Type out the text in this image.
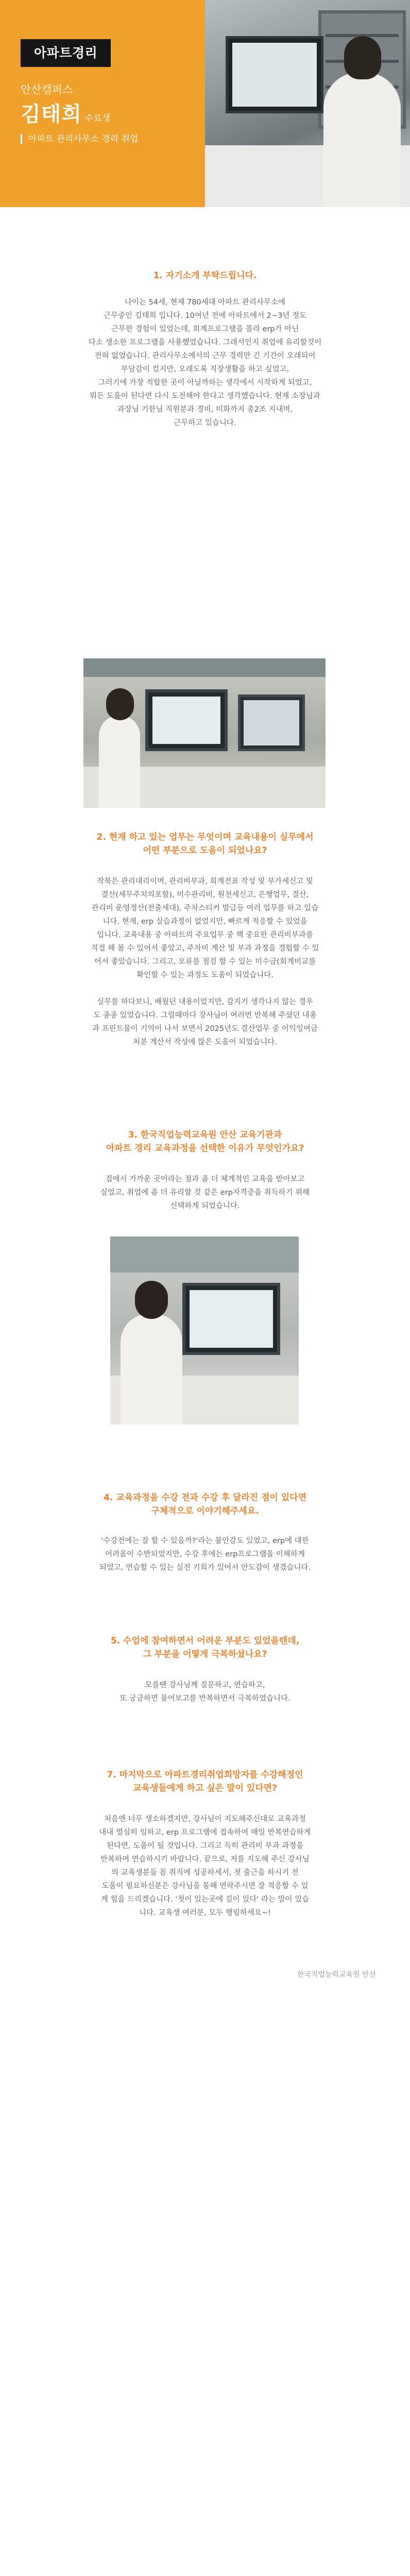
아파트경리
안산캠퍼스
김태희 수료생
아파트 관리사무소 경리 취업
1. 자기소개 부탁드립니다.
나이는 54세, 현재 780세대 아파트 관리사무소에
근무중인 김태희 입니다. 10여년 전에 아파트에서 2~3년 정도
근무한 경험이 있었는데, 회계프로그램을 몰라 erp가 아닌
다소 생소한 프로그램을 사용했었습니다. 그래서인지 취업에 유리할것이
전혀 없었습니다. 관리사무소에서의 근무 경력만 긴 기간이 오래되어
부담감이 컸지만, 오래도록 직장생활을 하고 싶었고,
그러기에 가장 적합한 곳이 아닐까하는 생각에서 시작하게 되었고,
뭐든 도움이 된다면 다시 도전해야 한다고 생각했습니다. 현재 소장님과
과장님 기한님 직원분과 경비, 미화까지 총2조 지내며,
근무하고 있습니다.
2. 현재 하고 있는 업무는 무엇이며 교육내용이 실무에서
어떤 부분으로 도움이 되었나요?
작북은 관리대리이며, 관리비부과, 회계전표 작성 및 부가세신고 및
결산(세무주치의포함), 미수관리비, 원천세신고, 은행업무, 결산,
관리비 운영정산(전출세대), 주차스티커 발급등 여러 업무를 하고 있습
니다. 현재, erp 실습과정이 없었지만, 빠르게 적응할 수 있었을
입니다. 교육내용 중 아파트의 주요업무 중 핵 중요한 관리비부과를
직접 해 볼 수 있어서 좋았고, 주차비 계산 및 부과 과정을 경험할 수 있
어서 좋았습니다. 그리고, 오류를 점검 할 수 있는 미수금(회계비교를
확인할 수 있는 과정도 도움이 되었습니다.

실무를 하다보니, 배웠던 내용이었지만, 감지기 생각나지 않는 경우
도 종종 있었습니다. 그럴때마다 강사님이 여러번 반복해 주셨던 내용
과 프린트물이 기억이 나서 보면서 2025년도 결산업무 중 이익잉여금
처분 계산서 작성에 많은 도움이 되었습니다.
3. 한국직업능력교육원 안산 교육기관과
아파트 경리 교육과정을 선택한 이유가 무엇인가요?
집에서 가까운 곳이라는 점과 좀 더 체계적인 교육을 받아보고
싶었고, 취업에 좀 더 유리할 것 같은 erp자격증을 취득하기 위해
선택하게 되었습니다.
4. 교육과정을 수강 전과 수강 후 달라진 점이 있다면
구체적으로 이야기해주세요.
'수강전에는 잘 할 수 있을까?'라는 불안감도 있었고, erp에 대한
어려움이 수반되었지만, 수강 후에는 erp프로그램을 이해하게
되었고, 연습할 수 있는 실전 기회가 있어서 안도감이 생겼습니다.
5. 수업에 참여하면서 어려운 부분도 있었을텐데,
그 부분을 어떻게 극복하셨나요?
모를땐 강사님께 질문하고, 연습하고,
또 궁금하면 물어보고를 반복하면서 극복하였습니다.
7. 마지막으로 아파트경리취업희망자를 수강해정인
교육생들에게 하고 싶은 말이 있다면?
처음엔 너무 생소하겠지만, 강사님이 지도해주신대로 교육과정
내내 열심히 임하고, erp 프로그램에 접속하여 매일 반복연습하게
된다면, 도움이 될 것입니다. 그리고 득히 관리비 부과 과정을
반복하여 연습하시기 바랍니다. 끝으로, 저를 지도해 주신 강사님
의 교육생분들 꼼 취직에 성공하세서, 첫 출근을 하시기 전
도움이 필요하신분은 강사님을 통해 연락주시면 잘 적응할 수 있
게 힘을 드리겠습니다. '첫이 있는곳에 길이 있다' 라는 말이 있습
니다. 교육생 여러분, 모두 행림하세요~!
한국직업능력교육원 안산
